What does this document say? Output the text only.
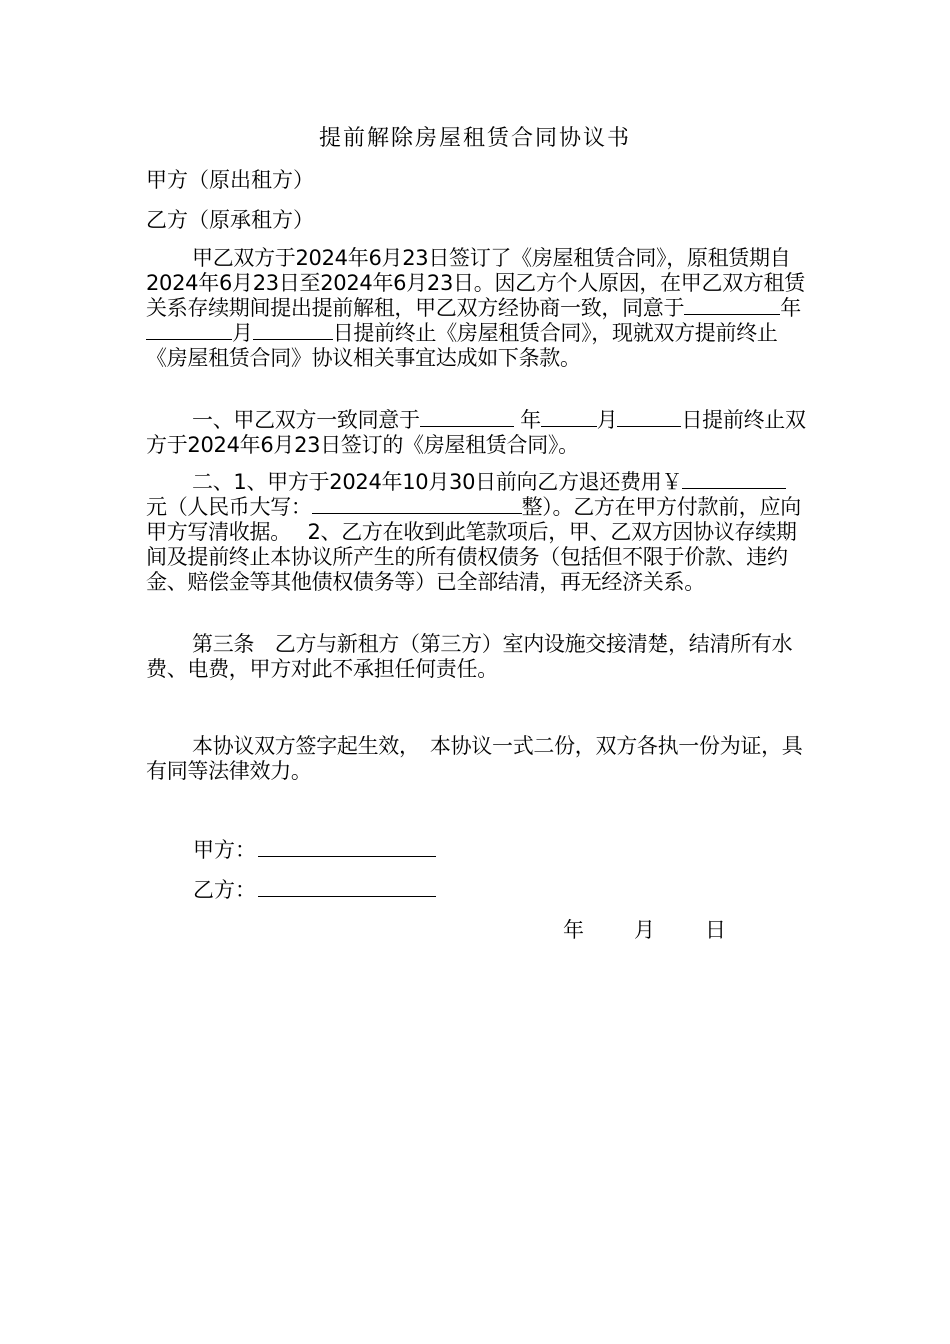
提前解除房屋租赁合同协议书
甲方（原出租方）
乙方（原承租方）
甲乙双方于2024年6月23日签订了《房屋租赁合同》，原租赁期自2024年6月23日至2024年6月23日。因乙方个人原因，在甲乙双方租赁关系存续期间提出提前解租，甲乙双方经协商一致，同意于	年月	日提前终止《房屋租赁合同》，现就双方提前终止《房屋租赁合同》协议相关事宜达成如下条款。
一、甲乙双方一致同意于	年	月	日提前终止双方于2024年6月23日签订的《房屋租赁合同》。
二、1、甲方于2024年10月30日前向乙方退还费用￥元（人民币大写：	整）。乙方在甲方付款前，应向甲方写清收据。　 2、乙方在收到此笔款项后，甲、乙双方因协议存续期间及提前终止本协议所产生的所有债权债务（包括但不限于价款、违约金、赔偿金等其他债权债务等）已全部结清，再无经济关系。
第三条　乙方与新租方（第三方）室内设施交接清楚，结清所有水费、电费，甲方对此不承担任何责任。
本协议双方签字起生效，　本协议一式二份，双方各执一份为证，具有同等法律效力。
甲方：
乙方：
年 月 日
